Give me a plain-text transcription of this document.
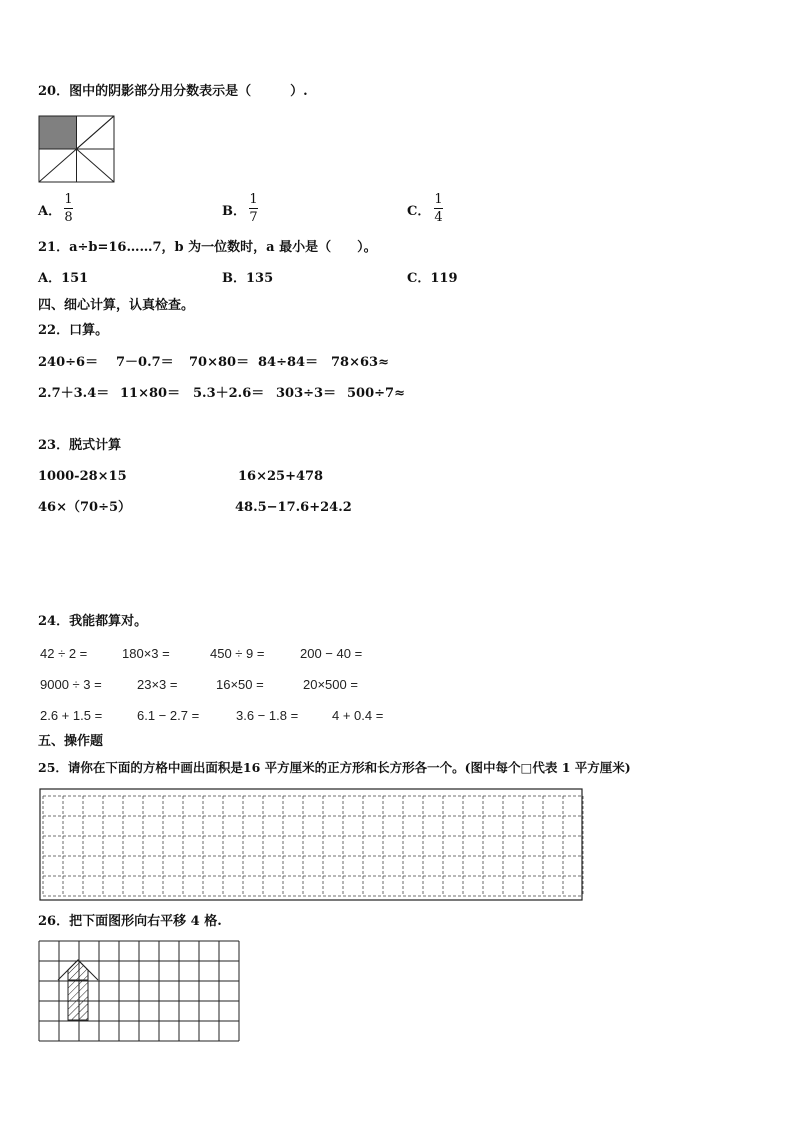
20．图中的阴影部分用分数表示是（　　　）.
A．
1
8	B．
1
7	C．
1
4
21．a÷b=16……7，b 为一位数时，a 最小是（　　）。
A．151	B．135	C．119
四、细心计算，认真检查。
22．口算。
240÷6＝ 7－0.7＝ 70×80＝ 84÷84＝ 78×63≈
2.7＋3.4＝ 11×80＝ 5.3＋2.6＝ 303÷3＝ 500÷7≈
23．脱式计算
1000-28×15	16×25+478
46×（70÷5）	48.5−17.6+24.2
24．我能都算对。
42 ÷ 2 =	180×3 =	450 ÷ 9 =	200 − 40 =
9000 ÷ 3 =	23×3 =	16×50 =	20×500 =
2.6 + 1.5 =	6.1 − 2.7 =	3.6 − 1.8 =	4 + 0.4 =
五、操作题
25．请你在下面的方格中画出面积是16 平方厘米的正方形和长方形各一个。(图中每个□代表 1 平方厘米)
26．把下面图形向右平移 4 格.
